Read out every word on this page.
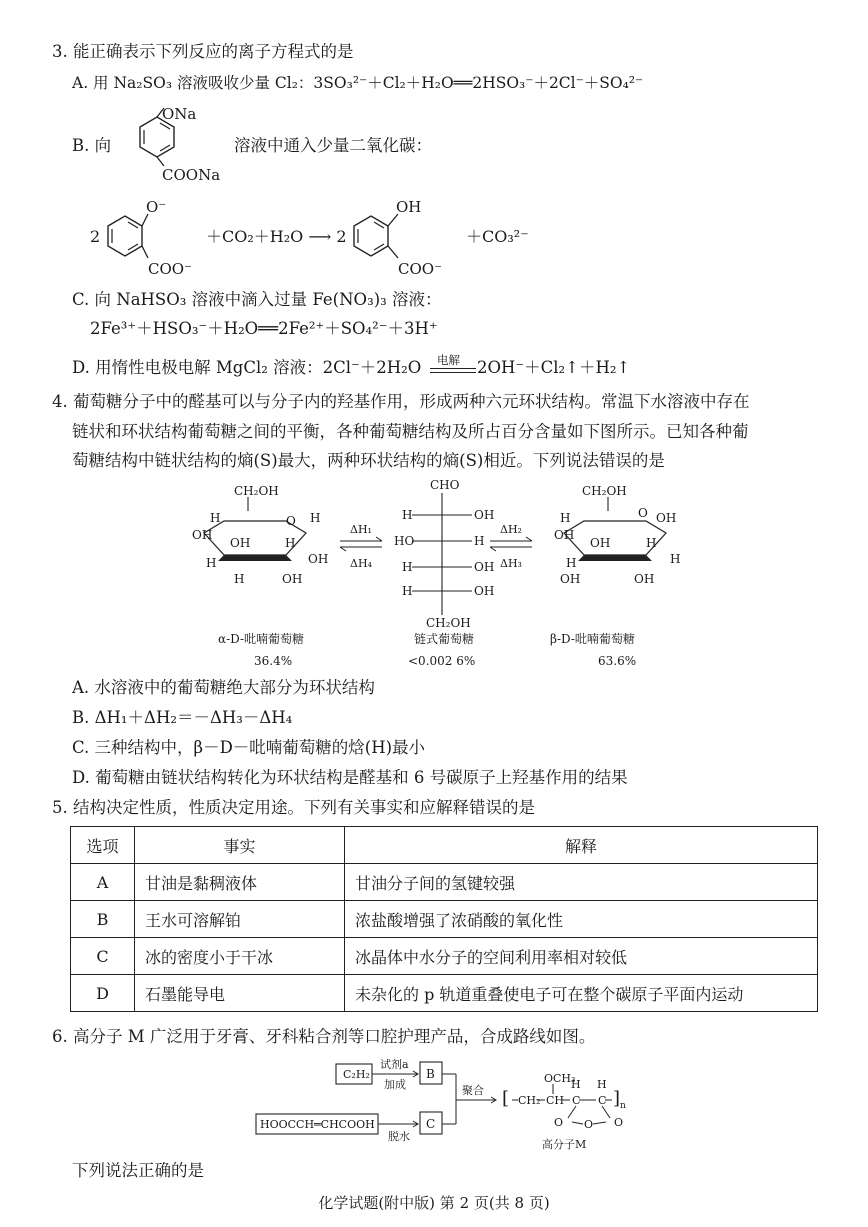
3. 能正确表示下列反应的离子方程式的是
A. 用 Na₂SO₃ 溶液吸收少量 Cl₂：3SO₃²⁻＋Cl₂＋H₂O══2HSO₃⁻＋2Cl⁻＋SO₄²⁻
B. 向
ONa
COONa
溶液中通入少量二氧化碳：
2
O⁻
COO⁻
＋CO₂＋H₂O ⟶ 2
OH
COO⁻
＋CO₃²⁻
C. 向 NaHSO₃ 溶液中滴入过量 Fe(NO₃)₃ 溶液：
2Fe³⁺＋HSO₃⁻＋H₂O══2Fe²⁺＋SO₄²⁻＋3H⁺
D. 用惰性电极电解 MgCl₂ 溶液：2Cl⁻＋2H₂O 电解 2OH⁻＋Cl₂↑＋H₂↑
4. 葡萄糖分子中的醛基可以与分子内的羟基作用，形成两种六元环状结构。常温下水溶液中存在
链状和环状结构葡萄糖之间的平衡，各种葡萄糖结构及所占百分含量如下图所示。已知各种葡
萄糖结构中链状结构的熵(S)最大，两种环状结构的熵(S)相近。下列说法错误的是
CH₂OH
O
H	H
OH
OH	H
OH
H
H	OH
ΔH₁
ΔH₄
CHO
H	OH
HO	H
H	OH
H	OH
CH₂OH
ΔH₂
ΔH₃
CH₂OH
O
H	OH
OH
OH	H
H
H
OH	OH
α-D-吡喃葡萄糖
36.4%
链式葡萄糖
<0.002 6%
β-D-吡喃葡萄糖
63.6%
A. 水溶液中的葡萄糖绝大部分为环状结构
B. ΔH₁＋ΔH₂＝－ΔH₃－ΔH₄
C. 三种结构中，β－D－吡喃葡萄糖的焓(H)最小
D. 葡萄糖由链状结构转化为环状结构是醛基和 6 号碳原子上羟基作用的结果
5. 结构决定性质，性质决定用途。下列有关事实和应解释错误的是
选项	事实	解释
A	甘油是黏稠液体	甘油分子间的氢键较强
B	王水可溶解铂	浓盐酸增强了浓硝酸的氧化性
C	冰的密度小于干冰	冰晶体中水分子的空间利用率相对较低
D	石墨能导电	未杂化的 p 轨道重叠使电子可在整个碳原子平面内运动
6. 高分子 M 广泛用于牙膏、牙科粘合剂等口腔护理产品，合成路线如图。
C₂H₂
试剂a
加成
B
HOOCCH═CHCOOH
脱水
C
聚合 [ CH₂ CH
OCH₃
C C ] n
H H
O
O	O
高分子M
下列说法正确的是
化学试题(附中版) 第 2 页(共 8 页)
